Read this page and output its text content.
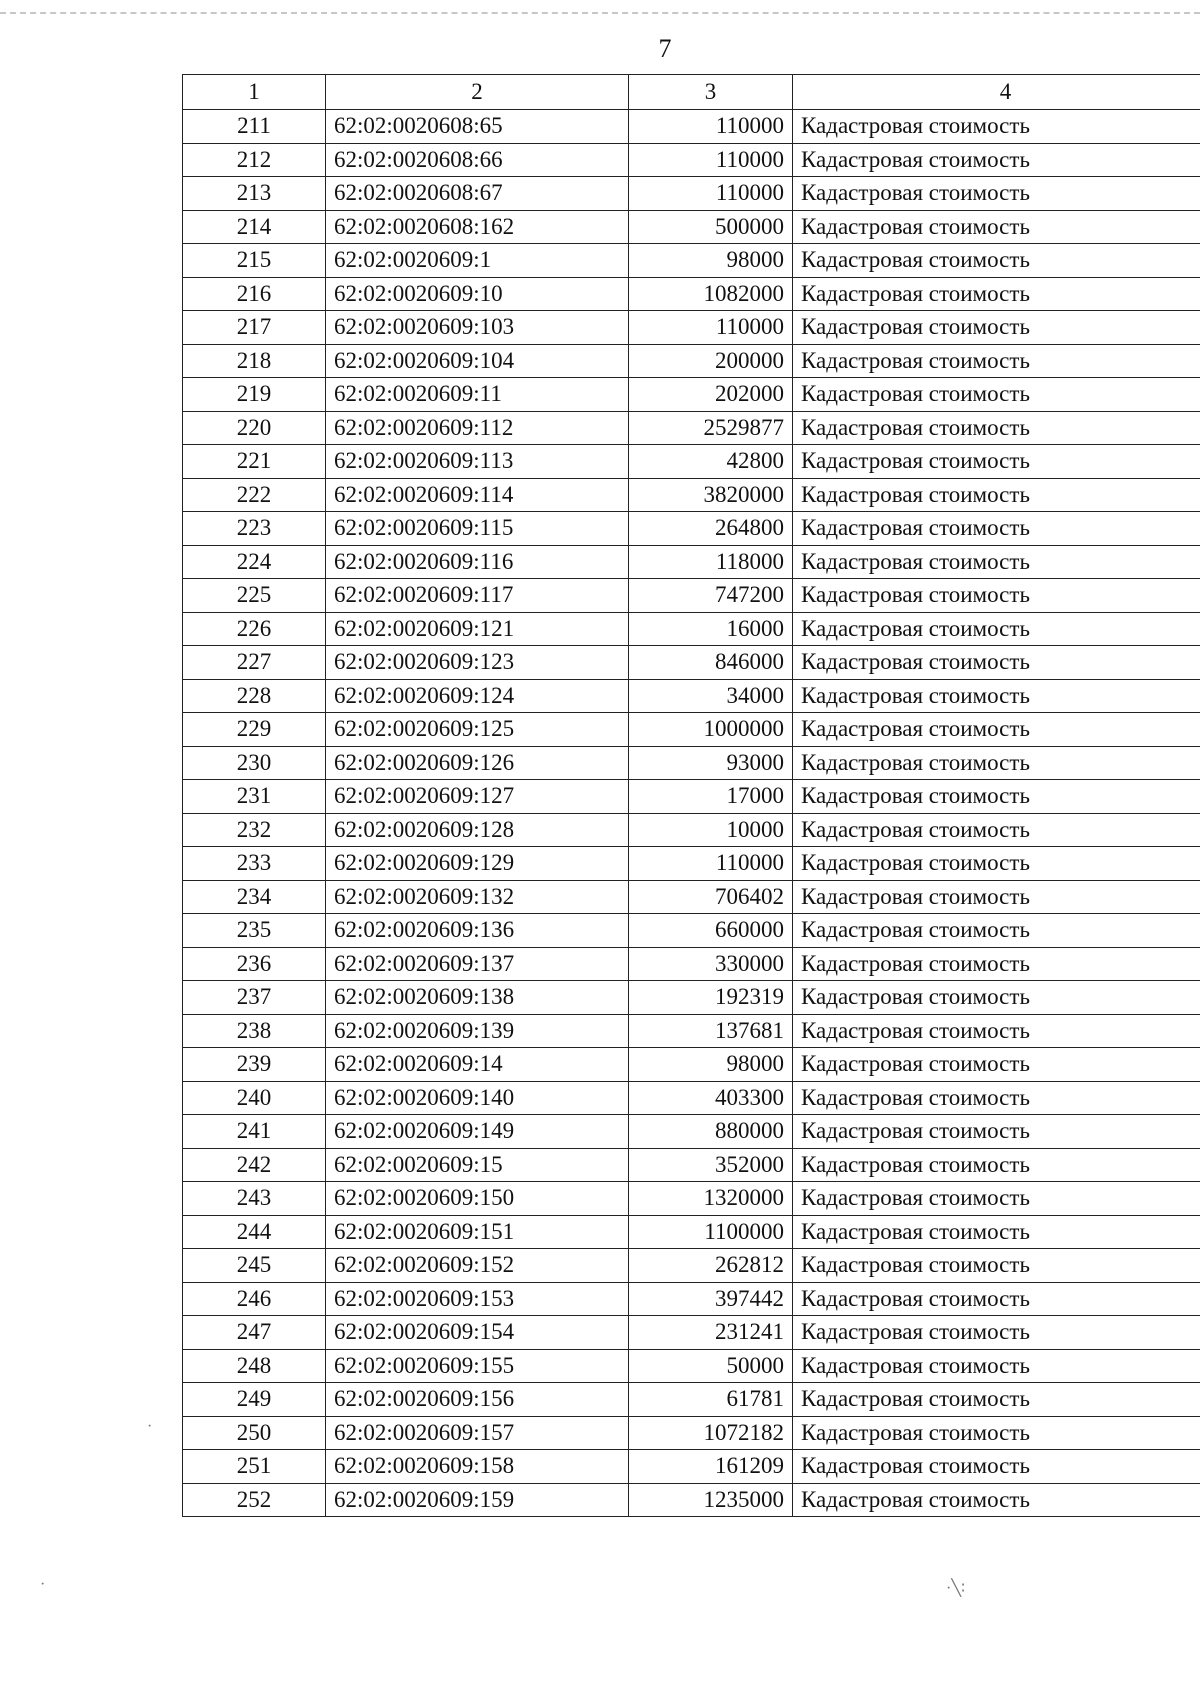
7
1	2	3	4
211	62:02:0020608:65	110000	Кадастровая стоимость
212	62:02:0020608:66	110000	Кадастровая стоимость
213	62:02:0020608:67	110000	Кадастровая стоимость
214	62:02:0020608:162	500000	Кадастровая стоимость
215	62:02:0020609:1	98000	Кадастровая стоимость
216	62:02:0020609:10	1082000	Кадастровая стоимость
217	62:02:0020609:103	110000	Кадастровая стоимость
218	62:02:0020609:104	200000	Кадастровая стоимость
219	62:02:0020609:11	202000	Кадастровая стоимость
220	62:02:0020609:112	2529877	Кадастровая стоимость
221	62:02:0020609:113	42800	Кадастровая стоимость
222	62:02:0020609:114	3820000	Кадастровая стоимость
223	62:02:0020609:115	264800	Кадастровая стоимость
224	62:02:0020609:116	118000	Кадастровая стоимость
225	62:02:0020609:117	747200	Кадастровая стоимость
226	62:02:0020609:121	16000	Кадастровая стоимость
227	62:02:0020609:123	846000	Кадастровая стоимость
228	62:02:0020609:124	34000	Кадастровая стоимость
229	62:02:0020609:125	1000000	Кадастровая стоимость
230	62:02:0020609:126	93000	Кадастровая стоимость
231	62:02:0020609:127	17000	Кадастровая стоимость
232	62:02:0020609:128	10000	Кадастровая стоимость
233	62:02:0020609:129	110000	Кадастровая стоимость
234	62:02:0020609:132	706402	Кадастровая стоимость
235	62:02:0020609:136	660000	Кадастровая стоимость
236	62:02:0020609:137	330000	Кадастровая стоимость
237	62:02:0020609:138	192319	Кадастровая стоимость
238	62:02:0020609:139	137681	Кадастровая стоимость
239	62:02:0020609:14	98000	Кадастровая стоимость
240	62:02:0020609:140	403300	Кадастровая стоимость
241	62:02:0020609:149	880000	Кадастровая стоимость
242	62:02:0020609:15	352000	Кадастровая стоимость
243	62:02:0020609:150	1320000	Кадастровая стоимость
244	62:02:0020609:151	1100000	Кадастровая стоимость
245	62:02:0020609:152	262812	Кадастровая стоимость
246	62:02:0020609:153	397442	Кадастровая стоимость
247	62:02:0020609:154	231241	Кадастровая стоимость
248	62:02:0020609:155	50000	Кадастровая стоимость
249	62:02:0020609:156	61781	Кадастровая стоимость
250	62:02:0020609:157	1072182	Кадастровая стоимость
251	62:02:0020609:158	161209	Кадастровая стоимость
252	62:02:0020609:159	1235000	Кадастровая стоимость
·
·	·╲∶
